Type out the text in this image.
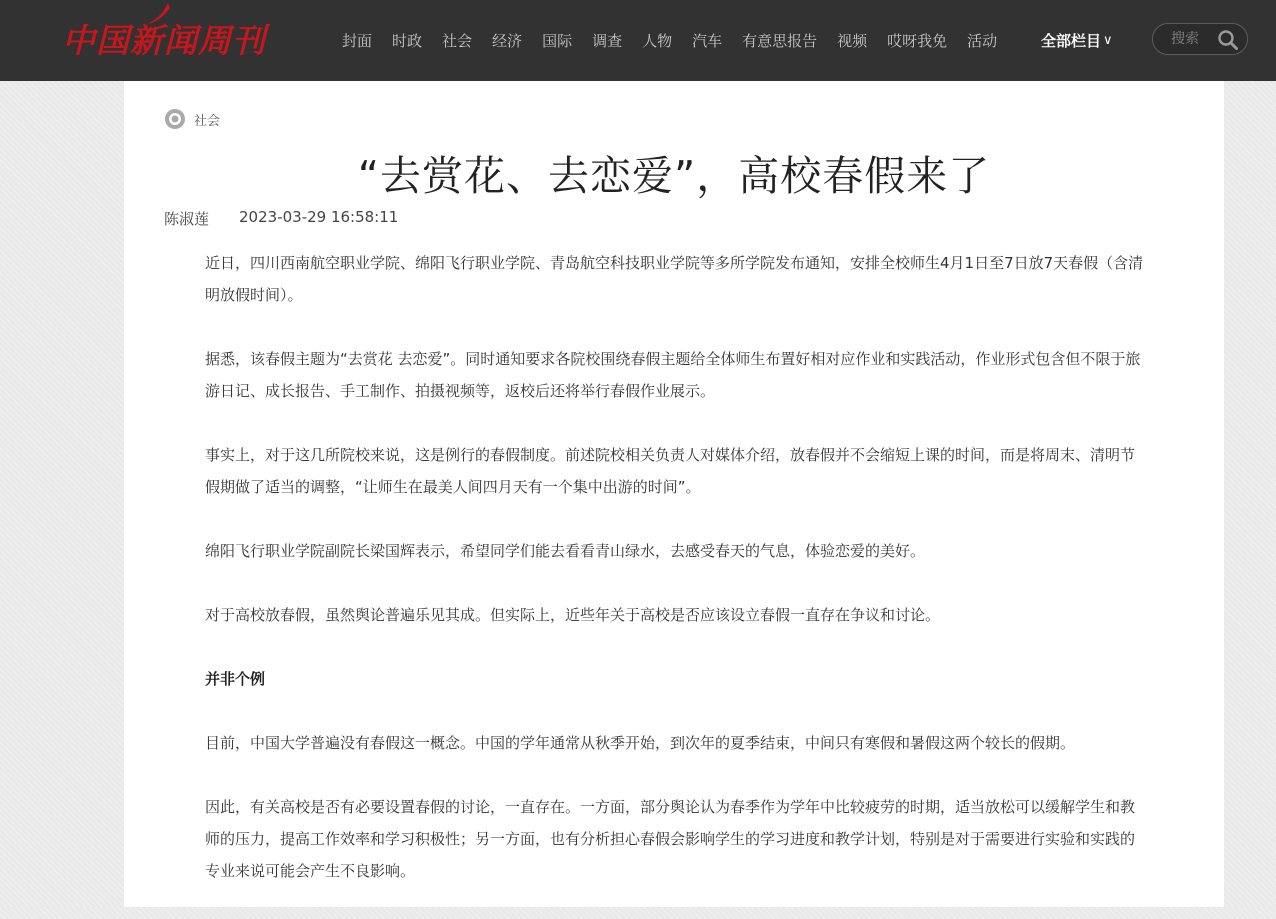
中国新闻周刊	封面 时政 社会 经济 国际 调查 人物 汽车 有意思报告 视频 哎呀我免 活动	全部栏目 ∨
搜索
社会
“去赏花、去恋爱”，高校春假来了
陈淑莲 2023-03-29 16:58:11

近日，四川西南航空职业学院、绵阳飞行职业学院、青岛航空科技职业学院等多所学院发布通知，安排全校师生4月1日至7日放7天春假（含清明放假时间）。

据悉，该春假主题为“去赏花 去恋爱”。同时通知要求各院校围绕春假主题给全体师生布置好相对应作业和实践活动，作业形式包含但不限于旅游日记、成长报告、手工制作、拍摄视频等，返校后还将举行春假作业展示。

事实上，对于这几所院校来说，这是例行的春假制度。前述院校相关负责人对媒体介绍，放春假并不会缩短上课的时间，而是将周末、清明节假期做了适当的调整，“让师生在最美人间四月天有一个集中出游的时间”。

绵阳飞行职业学院副院长梁国辉表示，希望同学们能去看看青山绿水，去感受春天的气息，体验恋爱的美好。

对于高校放春假，虽然舆论普遍乐见其成。但实际上，近些年关于高校是否应该设立春假一直存在争议和讨论。

并非个例

目前，中国大学普遍没有春假这一概念。中国的学年通常从秋季开始，到次年的夏季结束，中间只有寒假和暑假这两个较长的假期。

因此，有关高校是否有必要设置春假的讨论，一直存在。一方面，部分舆论认为春季作为学年中比较疲劳的时期，适当放松可以缓解学生和教师的压力，提高工作效率和学习积极性；另一方面，也有分析担心春假会影响学生的学习进度和教学计划，特别是对于需要进行实验和实践的专业来说可能会产生不良影响。
